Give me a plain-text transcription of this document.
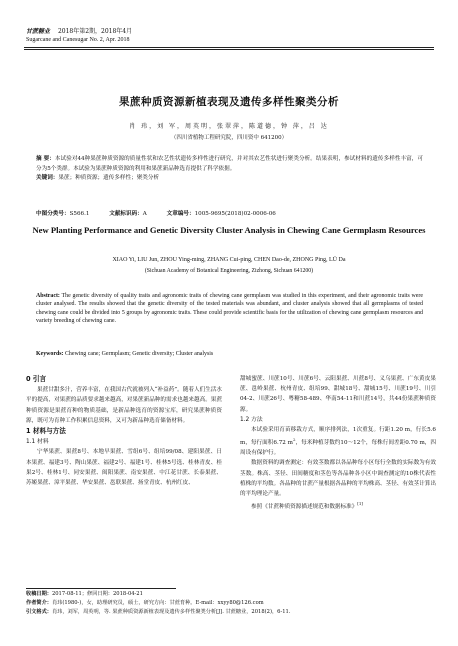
甘蔗糖业 2018年第2期，2018年4月
Sugarcane and Canesugar No. 2, Apr. 2018
果蔗种质资源新植表现及遗传多样性聚类分析
肖 玮，刘 军，周英明，张翠萍，陈道德，钟 萍，吕 达
（四川省植物工程研究院，四川资中 641200）
摘 要：本试验对44种果蔗种质资源的质量性状和农艺性状遗传多样性进行研究，并对其农艺性状进行聚类分析。结果表明，参试材料的遗传多样性丰富，可分为5个类群。本试验为果蔗种质资源的利用和果蔗新品种选育提供了科学依据。
关键词：果蔗；种质资源；遗传多样性；聚类分析
中图分类号：S566.1	文献标识码：A	文章编号：1005-9695(2018)02-0006-06
New Planting Performance and Genetic Diversity Cluster Analysis in Chewing Cane Germplasm Resources
XIAO Yi, LIU Jun, ZHOU Ying-ming, ZHANG Cui-ping, CHEN Dao-de, ZHONG Ping, LÜ Da
(Sichuan Academy of Botanical Engineering, Zizhong, Sichuan 641200)
Abstract: The genetic diversity of quality traits and agronomic traits of chewing cane germplasm was studied in this experiment, and their agronomic traits were cluster analysed. The results showed that the genetic diversity of the tested materials was abundant, and cluster analysis showed that all germplasms of tested chewing cane could be divided into 5 groups by agronomic traits. These could provide scientific basis for the utilization of chewing cane germplasm resources and variety breeding of chewing cane.
Keywords: Chewing cane; Germplasm; Genetic diversity; Cluster analysis
0 引言

果蔗甘甜多汁，营养丰富，在我国古代就被列入“补益药”。随着人们生活水平的提高，对果蔗的品质要求越来越高，对果蔗新品种的需求也越来越高。果蔗种质资源是果蔗育种的物质基础，是新品种选育的资源宝库，研究果蔗种质资源，既可为育种工作积累信息资料，又可为新品种选育储备材料。

1 材料与方法
1.1 材料

宁华果蔗、果蔗8号、本地早果蔗、雪组6号、组培99/08、建阳果蔗、日本果蔗、福建3号、陶山果蔗、福建2号、福建1号、桂林5号选、桂林青皮、桂果2号、桂林1号、同安果蔗、闽阳果蔗、南安果蔗、中江花甘蔗、长泰果蔗、苏姬果蔗、漳平果蔗、华安果蔗、邕联果蔗、扬堂青皮、杭州红皮、

甜城蜜蔗、川蔗10号、川蔗6号、云阳果蔗、川蔗8号、义乌果蔗、广东黄皮果蔗、邕岭果蔗、杭州青皮、组培99、甜城18号、甜城15号、川蔗19号、川引04-2、川蔗26号、粤糖58-489、华南54-11和川蔗14号，共44份果蔗种质资源。

1.2 方法

本试验采用育苗移栽方式，顺序排列法，1次重复。行距1.20 m，行长5.6 m，每行面积6.72 $m^2$，每米种植芽数约10～12个，每株行间差距0.70 m，四周设有保护行。

数据资料的调查测定：有效茎数都以各品种每小区每行全数的实际数为有效茎数。株高、茎径、田间糖度和茎色等各品种各小区中调查测定的10株代表性植株的平均数。各品种的甘蔗产量根据各品种的平均株高、茎径、有效茎计算出的平均理论产量。

参照《甘蔗种质资源描述规范和数据标准》[1]

收稿日期：2017-08-11；修回日期：2018-04-21
作者简介：肖玮(1980-)，女，助理研究员，硕士，研究方向：甘蔗育种。E-mail：xxyy80@126.com
引文格式：肖玮，刘军，周英明，等. 果蔗种质资源新植表现及遗传多样性聚类分析[J]. 甘蔗糖业，2018(2)，6-11.
